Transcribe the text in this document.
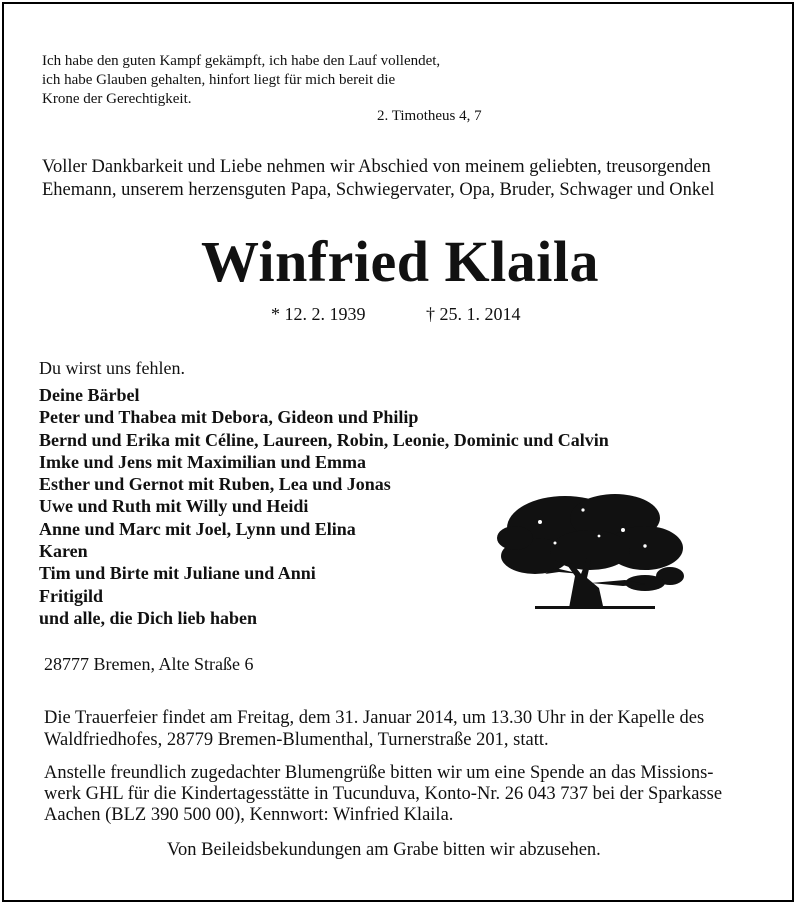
Ich habe den guten Kampf gekämpft, ich habe den Lauf vollendet,
ich habe Glauben gehalten, hinfort liegt für mich bereit die
Krone der Gerechtigkeit.
2. Timotheus 4, 7
Voller Dankbarkeit und Liebe nehmen wir Abschied von meinem geliebten, treusorgenden
Ehemann, unserem herzensguten Papa, Schwiegervater, Opa, Bruder, Schwager und Onkel
Winfried Klaila
* 12. 2. 1939	† 25. 1. 2014
Du wirst uns fehlen.
Deine Bärbel
Peter und Thabea mit Debora, Gideon und Philip
Bernd und Erika mit Céline, Laureen, Robin, Leonie, Dominic und Calvin
Imke und Jens mit Maximilian und Emma
Esther und Gernot mit Ruben, Lea und Jonas
Uwe und Ruth mit Willy und Heidi
Anne und Marc mit Joel, Lynn und Elina
Karen
Tim und Birte mit Juliane und Anni
Fritigild
und alle, die Dich lieb haben
28777 Bremen, Alte Straße 6
Die Trauerfeier findet am Freitag, dem 31. Januar 2014, um 13.30 Uhr in der Kapelle des
Waldfriedhofes, 28779 Bremen-Blumenthal, Turnerstraße 201, statt.
Anstelle freundlich zugedachter Blumengrüße bitten wir um eine Spende an das Missions-
werk GHL für die Kindertagesstätte in Tucunduva, Konto-Nr. 26 043 737 bei der Sparkasse
Aachen (BLZ 390 500 00), Kennwort: Winfried Klaila.
Von Beileidsbekundungen am Grabe bitten wir abzusehen.
